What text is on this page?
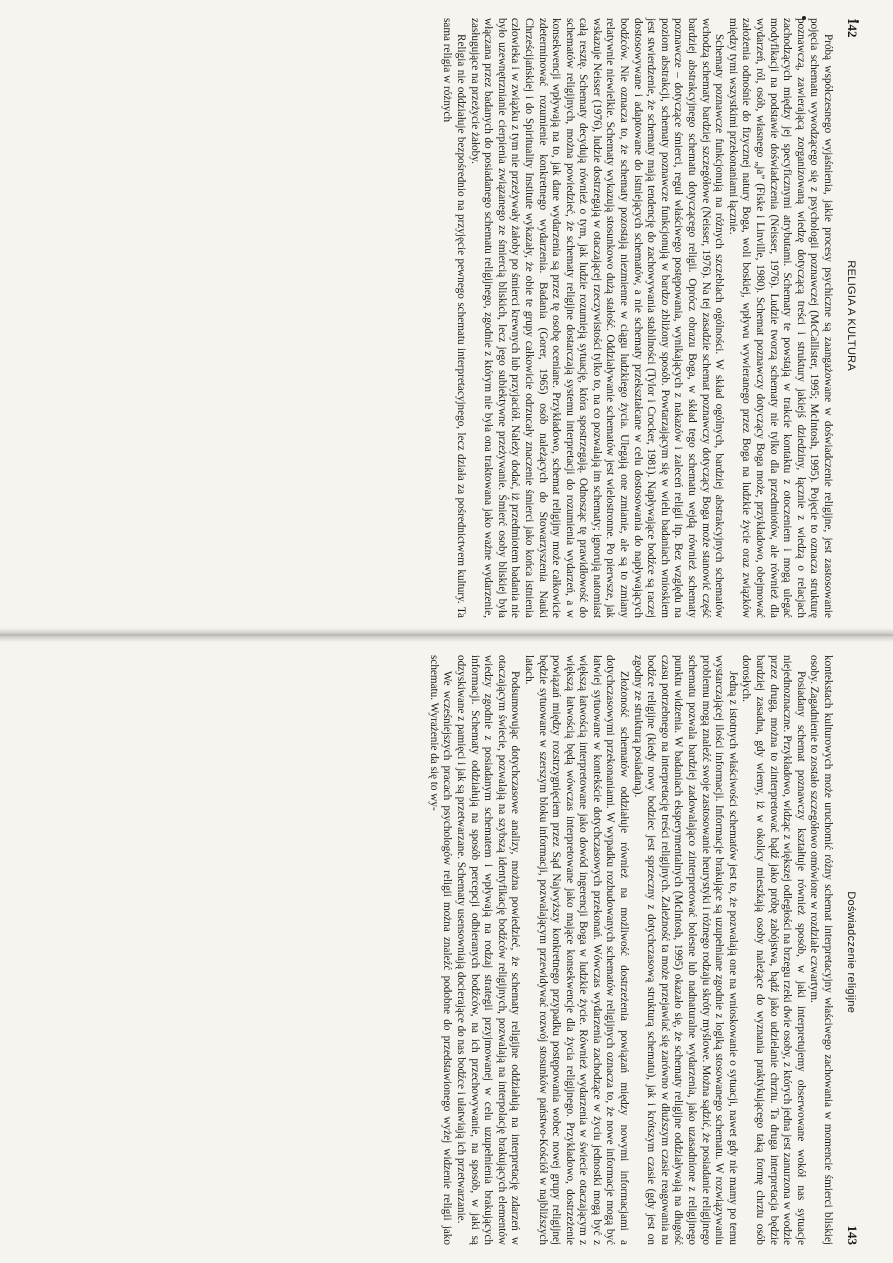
142
RELIGIA A KULTURA

Próbą współczesnego wyjaśnienia, jakie procesy psychiczne są zaangażowane w doświadczenie religijne, jest zastosowanie pojęcia schematu wywodzącego się z psychologii poznawczej (McCallister, 1995; McIntosh, 1995). Pojęcie to oznacza strukturę poznawczą, zawierającą zorganizowaną wiedzę dotyczącą treści i struktury jakiejś dziedziny, łącznie z wiedzą o relacjach zachodzących między jej specyficznymi atrybutami. Schematy te powstają w trakcie kontaktu z otoczeniem i mogą ulegać modyfikacji na podstawie doświadczenia (Neisser, 1976). Ludzie tworzą schematy nie tylko dla przedmiotów, ale również dla wydarzeń, ról, osób, własnego „ja” (Fiske i Linville, 1980). Schemat poznawczy dotyczący Boga może, przykładowo, obejmować założenia odnośnie do fizycznej natury Boga, woli boskiej, wpływu wywieranego przez Boga na ludzkie życie oraz związków między tymi wszystkimi przekonaniami łącznie.

Schematy poznawcze funkcjonują na różnych szczeblach ogólności. W skład ogólnych, bardziej abstrakcyjnych schematów wchodzą schematy bardziej szczegółowe (Neisser, 1976). Na tej zasadzie schemat poznawczy dotyczący Boga może stanowić część bardziej abstrakcyjnego schematu dotyczącego religii. Oprócz obrazu Boga, w skład tego schematu wejdą również schematy poznawcze – dotyczące śmierci, reguł właściwego postępowania, wynikających z nakazów i zaleceń religii itp. Bez względu na poziom abstrakcji, schematy poznawcze funkcjonują w bardzo zbliżony sposób. Powtarzającym się w wielu badaniach wnioskiem jest stwierdzenie, że schematy mają tendencję do zachowywania stabilności (Tylor i Crocker, 1981). Napływające bodźce są raczej dostosowywane i adaptowane do istniejących schematów, a nie schematy przekształcane w celu dostosowania do napływających bodźców. Nie oznacza to, że schematy pozostają niezmienne w ciągu ludzkiego życia. Ulegają one zmianie, ale są to zmiany relatywnie niewielkie. Schematy wykazują stosunkowo dużą stałość. Oddziaływanie schematów jest wielostronne. Po pierwsze, jak wskazuje Neisser (1976), ludzie dostrzegają w otaczającej rzeczywistości tylko to, na co pozwalają im schematy; ignorują natomiast całą resztę. Schematy decydują również o tym, jak ludzie rozumieją sytuację, która spostrzegają. Odnosząc tę prawidłowość do schematów religijnych, można powiedzieć, że schematy religijne dostarczają systemu interpretacji do rozumienia wydarzeń, a w konsekwencji wpływają na to, jak dane wydarzenia są przez tę osobę oceniane. Przykładowo, schemat religijny może całkowicie zdeterminować rozumienie konkretnego wydarzenia. Badania (Gorer, 1965) osób należących do Stowarzyszenia Nauki Chrześcijańskiej i do Spirituality Institute wykazały, że obie te grupy całkowicie odrzucały znaczenie śmierci jako końca istnienia człowieka i w związku z tym nie przeżywały żałoby po śmierci krewnych lub przyjaciół. Należy dodać, iż przedmiotem badania nie było uzewnętrznianie cierpienia związanego ze śmiercią bliskich, lecz jego subiektywne przeżywanie. Śmierć osoby bliskiej była włączana przez badanych do posiadanego schematu religijnego, zgodnie z którym nie była ona traktowana jako ważne wydarzenie, zasługujące na przeżycie żałoby.

Religia nie oddziałuje bezpośrednio na przyjęcie pewnego schematu interpretacyjnego, lecz działa za pośrednictwem kultury. Ta sama religia w różnych

Doświadczenie religijne
143

kontekstach kulturowych może uruchomić różny schemat interpretacyjny właściwego zachowania w momencie śmierci bliskiej osoby. Zagadnienie to zostało szczegółowo omówione w rozdziale czwartym.

Posiadany schemat poznawczy kształtuje również sposób, w jaki interpretujemy obserwowane wokół nas sytuacje niejednoznaczne. Przykładowo, widząc z większej odległości na brzegu rzeki dwie osoby, z których jedna jest zanurzona w wodzie przez drugą, można to zinterpretować bądź jako próbę zabójstwa, bądź jako udzielanie chrztu. Ta druga interpretacja będzie bardziej zasadna, gdy wiemy, iż w okolicy mieszkają osoby należące do wyznania praktykującego taką formę chrztu osób dorosłych.

Jedną z istotnych właściwości schematów jest to, że pozwalają one na wnioskowanie o sytuacji, nawet gdy nie mamy po temu wystarczającej ilości informacji. Informacje brakujące są uzupełniane zgodnie z logiką stosowanego schematu. W rozwiązywaniu problemu mogą znaleźć swoje zastosowanie heurystyki i różnego rodzaju skróty myślowe. Można sądzić, że posiadanie religijnego schematu pozwala bardziej zadowalająco zinterpretować bolesne lub nadnaturalne wydarzenia, jako uzasadnione z religijnego punktu widzenia. W badaniach eksperymentalnych (McIntosh, 1995) okazało się, że schematy religijne oddziaływają na długość czasu potrzebnego na interpretację treści religijnych. Zależność ta może przejawiać się zarówno w dłuższym czasie reagowania na bodźce religijne (kiedy nowy bodziec jest sprzeczny z dotychczasową strukturą schematu), jak i krótszym czasie (gdy jest on zgodny ze strukturą posiadaną).

Złożoność schematów oddziałuje również na możliwość dostrzeżenia powiązań między nowymi informacjami a dotychczasowymi przekonaniami. W wypadku rozbudowanych schematów religijnych oznacza to, że nowe informacje mogą być łatwiej sytuowane w kontekście dotychczasowych przekonań. Wówczas wydarzenia zachodzące w życiu jednostki mogą być z większą łatwością interpretowane jako dowód ingerencji Boga w ludzkie życie. Również wydarzenia w świecie otaczającym z większą łatwością będą wówczas interpretowane jako mające konsekwencje dla życia religijnego. Przykładowo, dostrzeżenie powiązań między rozstrzygnięciem przez Sąd Najwyższy konkretnego przypadku postępowania wobec nowej grupy religijnej będzie sytuowane w szerszym bloku informacji, pozwalającym przewidywać rozwój stosunków państwo-Kościół w najbliższych latach.

Podsumowując dotychczasowe analizy, można powiedzieć, że schematy religijne oddziałują na interpretację zdarzeń w otaczającym świecie, pozwalają na szybszą identyfikację bodźców religijnych, pozwalają na interpolację brakujących elementów wiedzy zgodnie z posiadanym schematem i wpływają na rodzaj strategii przyjmowanej w celu uzupełnienia brakujących informacji. Schematy oddziałują na sposób percepcji odbieranych bodźców, na ich przechowywanie, na sposób, w jaki są odzyskiwane z pamięci i jak są przetwarzane. Schematy usensowniają docierające do nas bodźce i ułatwiają ich przetwarzanie.

We wcześniejszych pracach psychologów religii można znaleźć podobne do przedstawionego wyżej widzenie religii jako schematu. Wyrażenie da się to wy-
